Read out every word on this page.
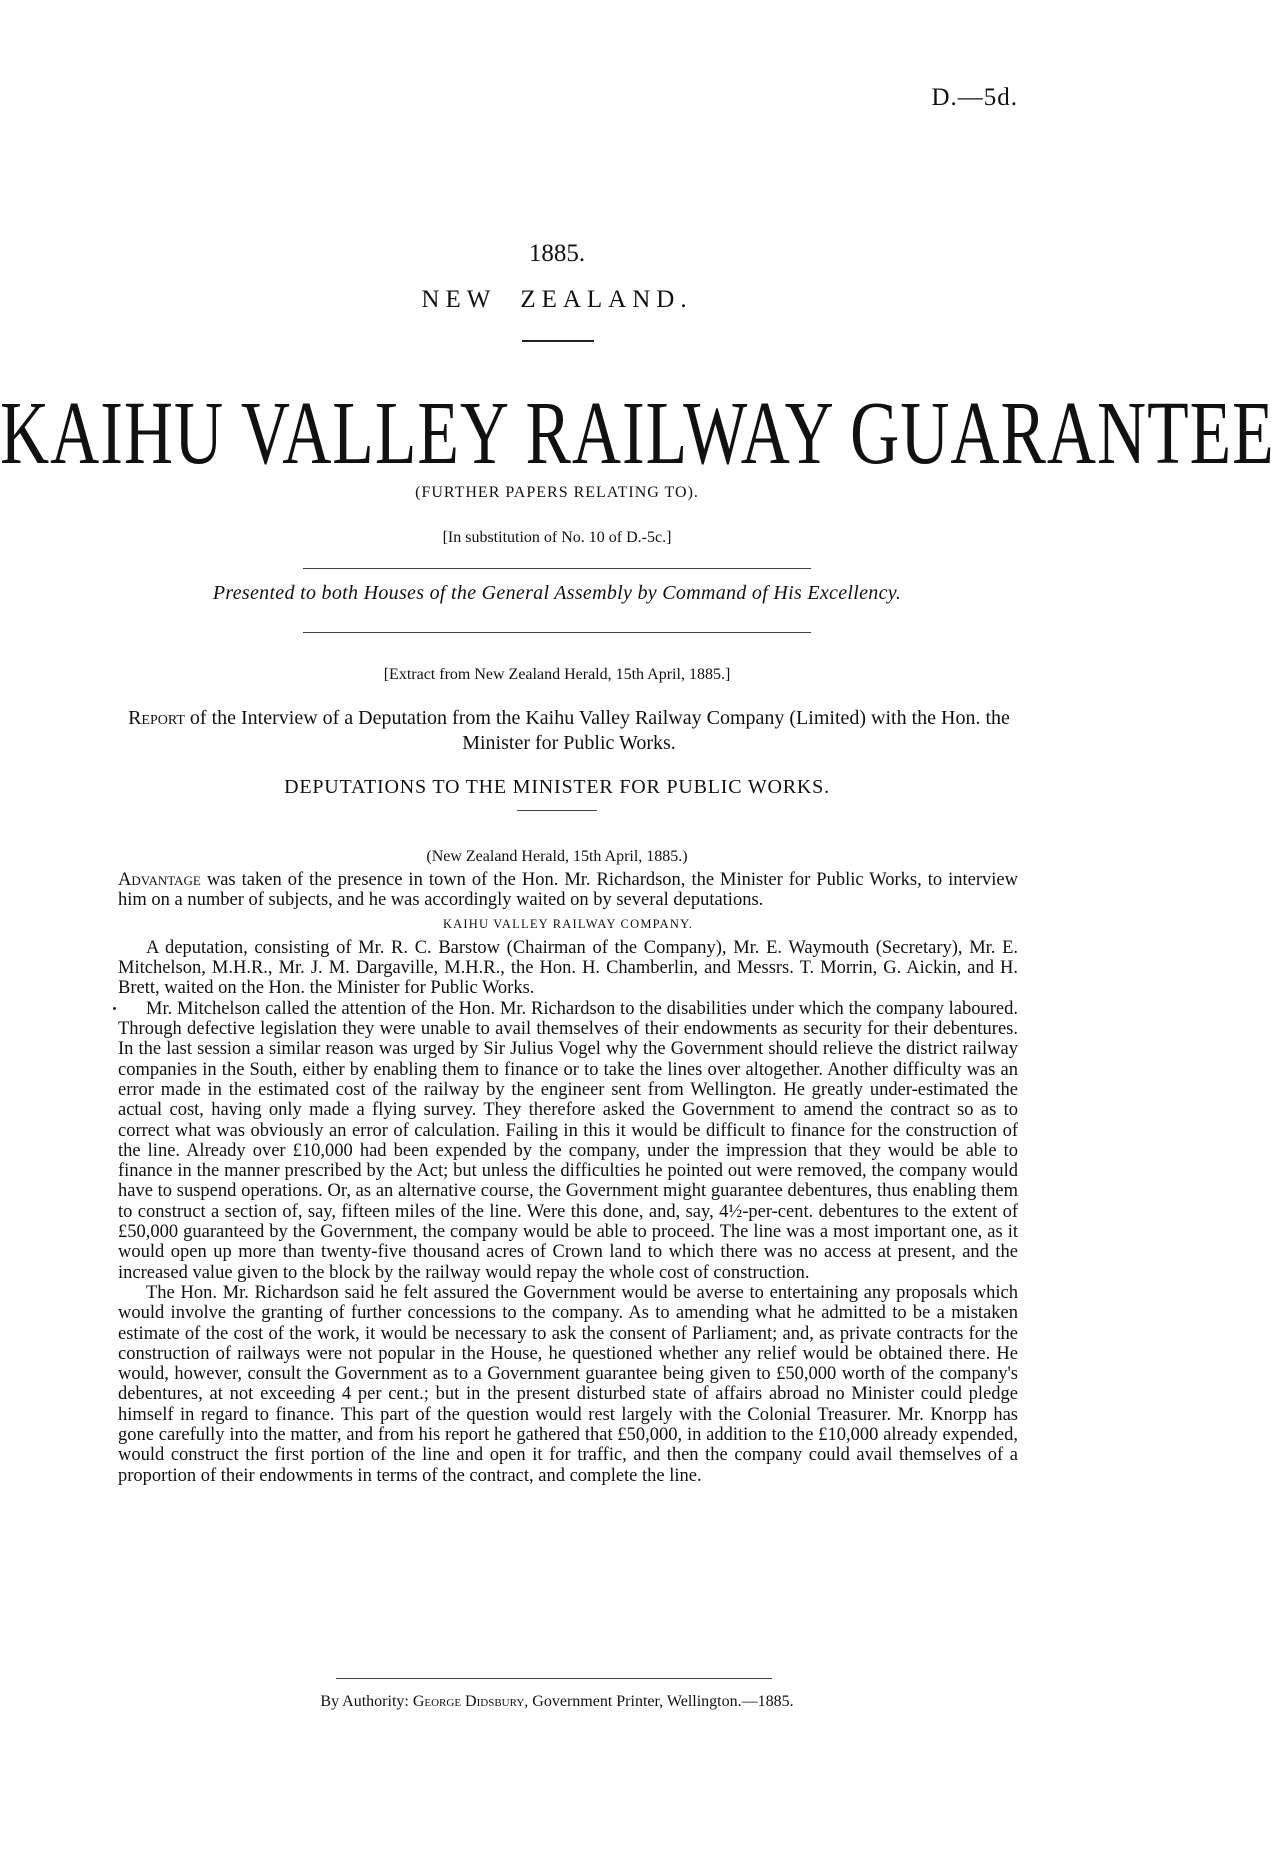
D.—5d.
1885.
NEW ZEALAND.
KAIHU VALLEY RAILWAY GUARANTEE
(FURTHER PAPERS RELATING TO).
[In substitution of No. 10 of D.-5c.]
Presented to both Houses of the General Assembly by Command of His Excellency.
[Extract from New Zealand Herald, 15th April, 1885.]
Report of the Interview of a Deputation from the Kaihu Valley Railway Company (Limited) with the Hon. the Minister for Public Works.
DEPUTATIONS TO THE MINISTER FOR PUBLIC WORKS.
(New Zealand Herald, 15th April, 1885.)

Advantage was taken of the presence in town of the Hon. Mr. Richardson, the Minister for Public Works, to interview him on a number of subjects, and he was accordingly waited on by several deputations.

KAIHU VALLEY RAILWAY COMPANY.

A deputation, consisting of Mr. R. C. Barstow (Chairman of the Company), Mr. E. Waymouth (Secretary), Mr. E. Mitchelson, M.H.R., Mr. J. M. Dargaville, M.H.R., the Hon. H. Chamberlin, and Messrs. T. Morrin, G. Aickin, and H. Brett, waited on the Hon. the Minister for Public Works.

Mr. Mitchelson called the attention of the Hon. Mr. Richardson to the disabilities under which the company laboured. Through defective legislation they were unable to avail themselves of their endowments as security for their debentures. In the last session a similar reason was urged by Sir Julius Vogel why the Government should relieve the district railway companies in the South, either by enabling them to finance or to take the lines over altogether. Another difficulty was an error made in the estimated cost of the railway by the engineer sent from Wellington. He greatly under-estimated the actual cost, having only made a flying survey. They therefore asked the Government to amend the contract so as to correct what was obviously an error of calculation. Failing in this it would be difficult to finance for the construction of the line. Already over £10,000 had been expended by the company, under the impression that they would be able to finance in the manner prescribed by the Act; but unless the difficulties he pointed out were removed, the company would have to suspend operations. Or, as an alternative course, the Government might guarantee debentures, thus enabling them to construct a section of, say, fifteen miles of the line. Were this done, and, say, 4½-per-cent. debentures to the extent of £50,000 guaranteed by the Government, the company would be able to proceed. The line was a most important one, as it would open up more than twenty-five thousand acres of Crown land to which there was no access at present, and the increased value given to the block by the railway would repay the whole cost of construction.

The Hon. Mr. Richardson said he felt assured the Government would be averse to entertaining any proposals which would involve the granting of further concessions to the company. As to amending what he admitted to be a mistaken estimate of the cost of the work, it would be necessary to ask the consent of Parliament; and, as private contracts for the construction of railways were not popular in the House, he questioned whether any relief would be obtained there. He would, however, consult the Government as to a Government guarantee being given to £50,000 worth of the company's debentures, at not exceeding 4 per cent.; but in the present disturbed state of affairs abroad no Minister could pledge himself in regard to finance. This part of the question would rest largely with the Colonial Treasurer. Mr. Knorpp has gone carefully into the matter, and from his report he gathered that £50,000, in addition to the £10,000 already expended, would construct the first portion of the line and open it for traffic, and then the company could avail themselves of a proportion of their endowments in terms of the contract, and complete the line.

By Authority: George Didsbury, Government Printer, Wellington.—1885.
